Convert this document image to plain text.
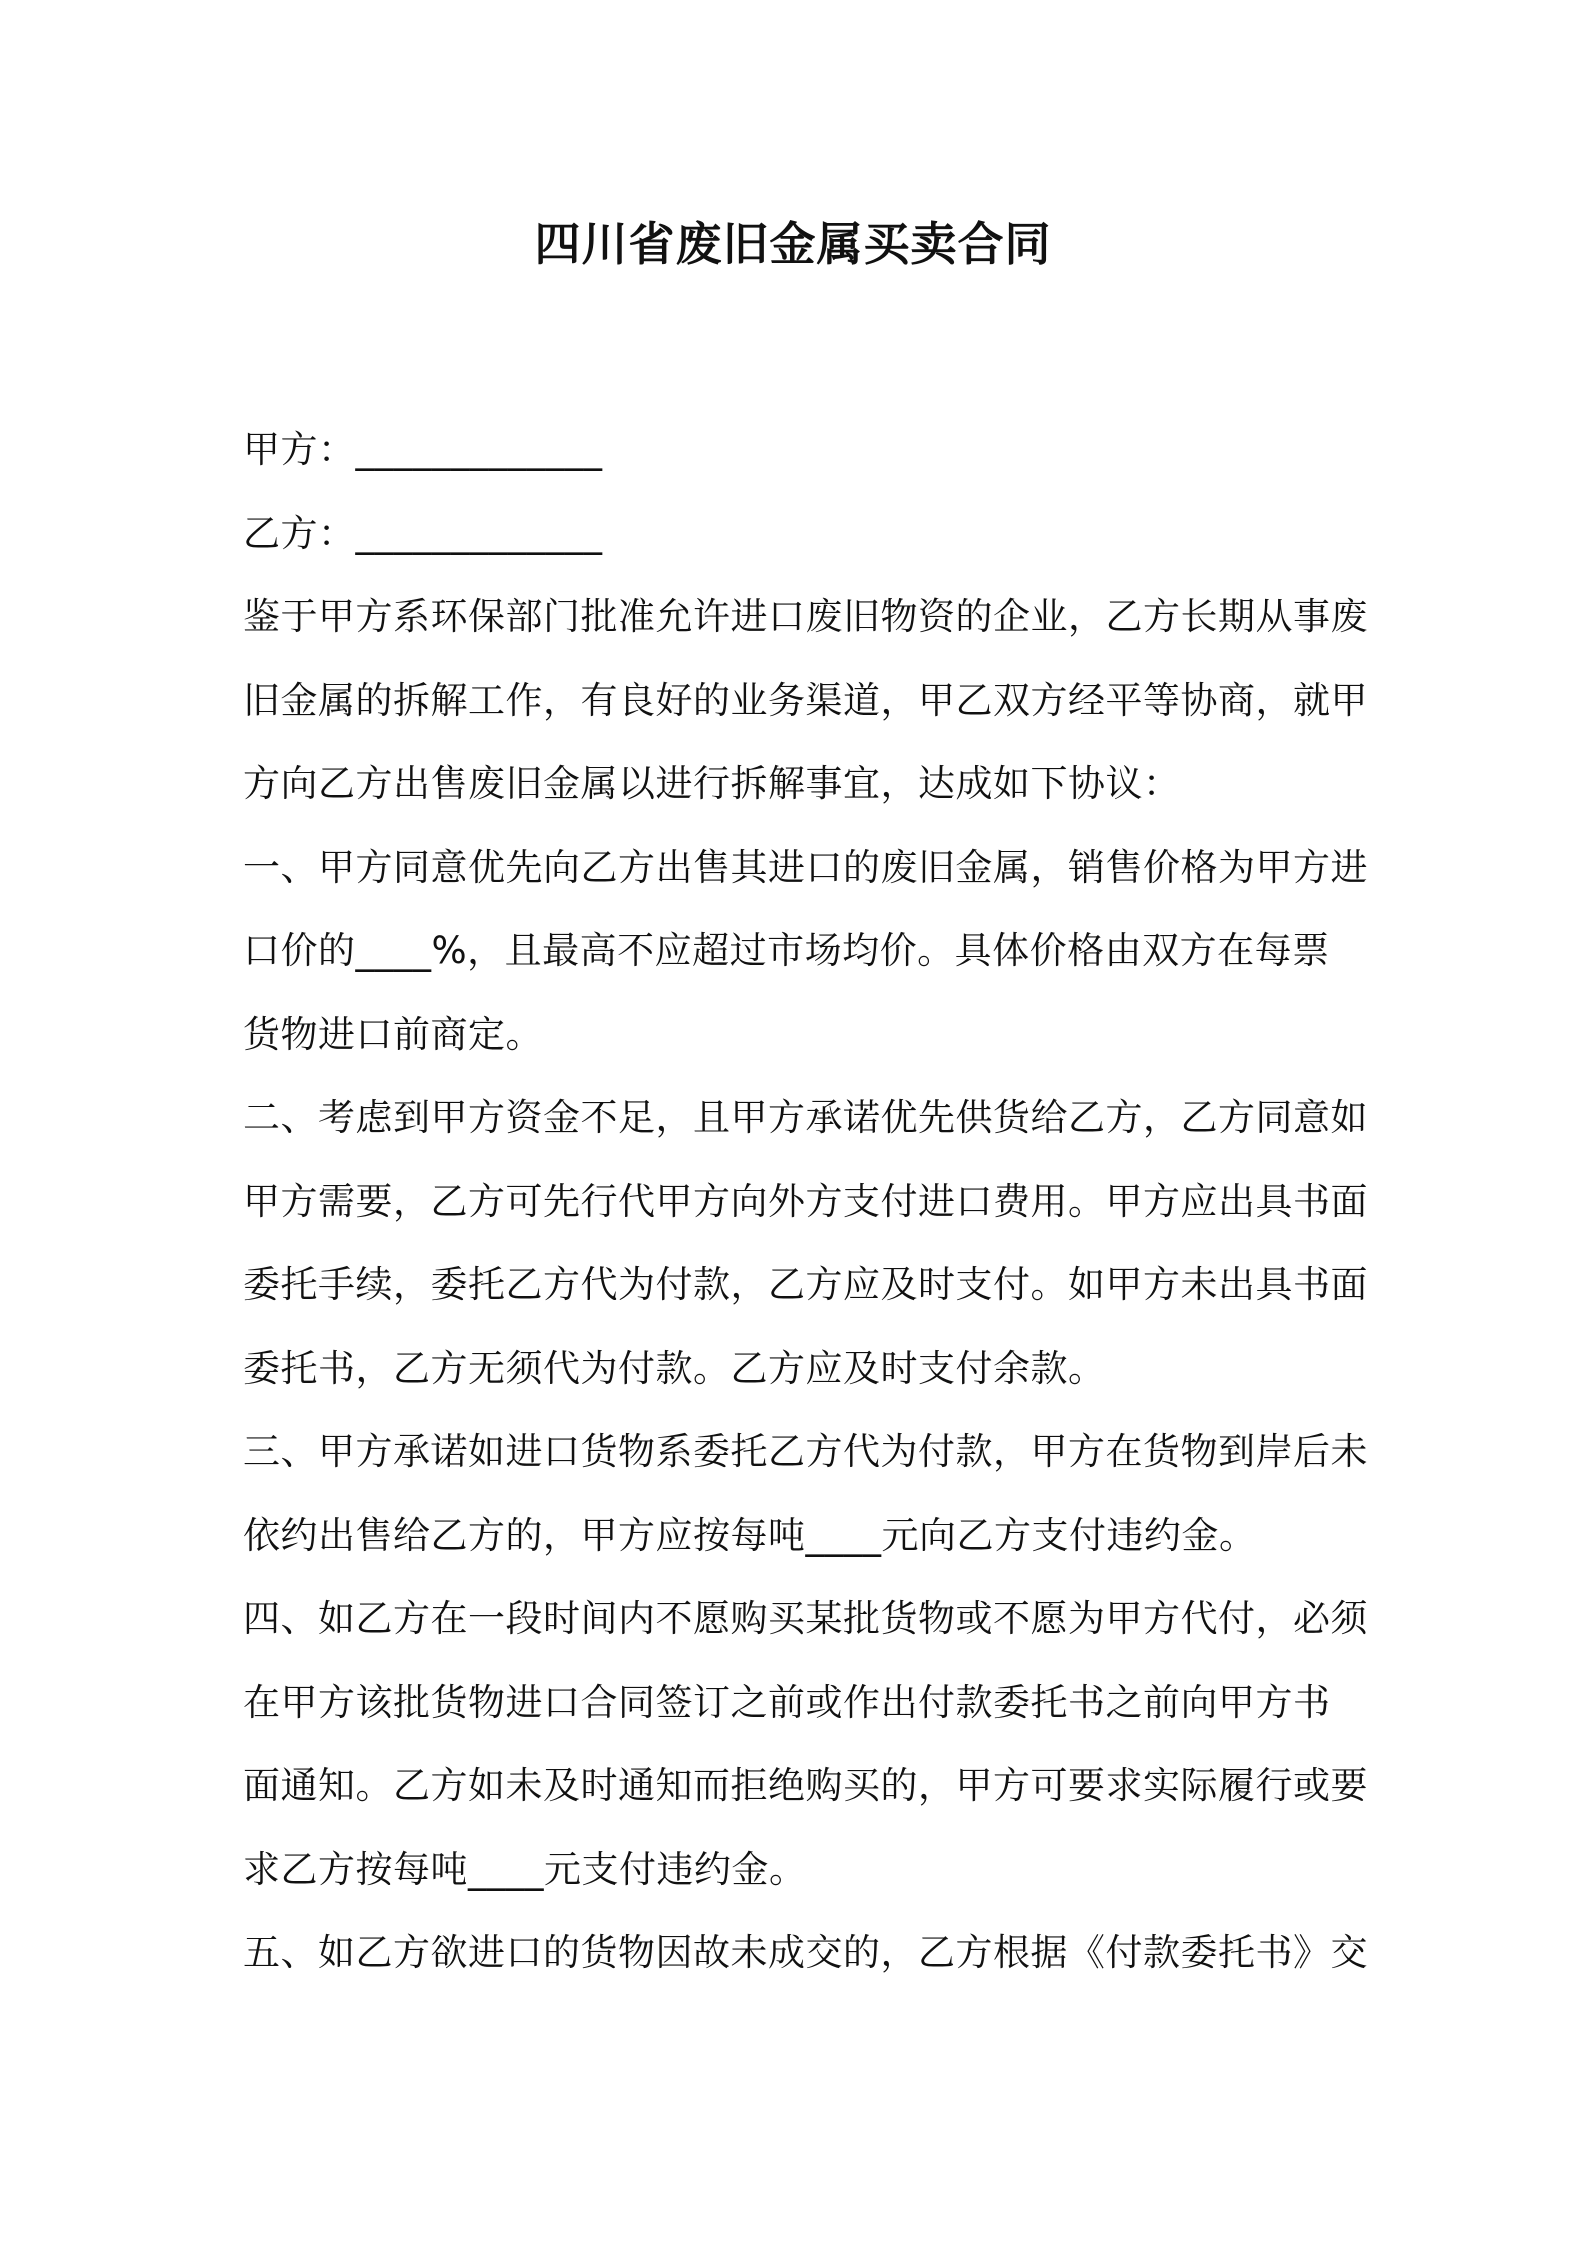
四川省废旧金属买卖合同
甲方：_____________
乙方：_____________
鉴于甲方系环保部门批准允许进口废旧物资的企业，乙方长期从事废
旧金属的拆解工作，有良好的业务渠道，甲乙双方经平等协商，就甲
方向乙方出售废旧金属以进行拆解事宜，达成如下协议：
一、甲方同意优先向乙方出售其进口的废旧金属，销售价格为甲方进
口价的____%，且最高不应超过市场均价。具体价格由双方在每票
货物进口前商定。
二、考虑到甲方资金不足，且甲方承诺优先供货给乙方，乙方同意如
甲方需要，乙方可先行代甲方向外方支付进口费用。甲方应出具书面
委托手续，委托乙方代为付款，乙方应及时支付。如甲方未出具书面
委托书，乙方无须代为付款。乙方应及时支付余款。
三、甲方承诺如进口货物系委托乙方代为付款，甲方在货物到岸后未
依约出售给乙方的，甲方应按每吨____元向乙方支付违约金。
四、如乙方在一段时间内不愿购买某批货物或不愿为甲方代付，必须
在甲方该批货物进口合同签订之前或作出付款委托书之前向甲方书
面通知。乙方如未及时通知而拒绝购买的，甲方可要求实际履行或要
求乙方按每吨____元支付违约金。
五、如乙方欲进口的货物因故未成交的，乙方根据《付款委托书》交
